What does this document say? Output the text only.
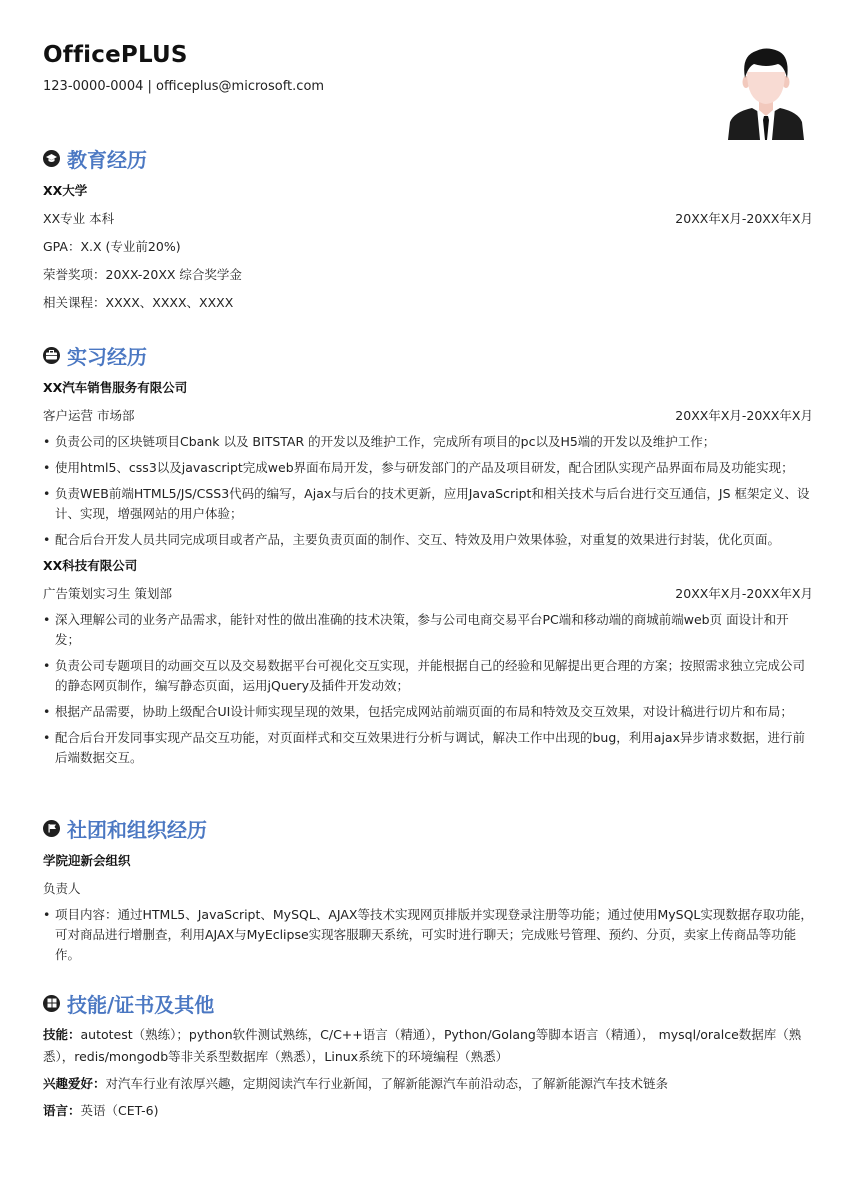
OfficePLUS
123-0000-0004 | officeplus@microsoft.com
教育经历
XX大学
XX专业 本科	20XX年X月-20XX年X月
GPA：X.X (专业前20%)
荣誉奖项：20XX-20XX 综合奖学金
相关课程：XXXX、XXXX、XXXX
实习经历
XX汽车销售服务有限公司
客户运营 市场部	20XX年X月-20XX年X月
• 负责公司的区块链项目Cbank 以及 BITSTAR 的开发以及维护工作，完成所有项目的pc以及H5端的开发以及维护工作；
• 使用html5、css3以及javascript完成web界面布局开发，参与研发部门的产品及项目研发，配合团队实现产品界面布局及功能实现；
• 负责WEB前端HTML5/JS/CSS3代码的编写，Ajax与后台的技术更新，应用JavaScript和相关技术与后台进行交互通信，JS 框架定义、设计、实现，增强网站的用户体验；
• 配合后台开发人员共同完成项目或者产品，主要负责页面的制作、交互、特效及用户效果体验，对重复的效果进行封装，优化页面。
XX科技有限公司
广告策划实习生 策划部	20XX年X月-20XX年X月
• 深入理解公司的业务产品需求，能针对性的做出准确的技术决策，参与公司电商交易平台PC端和移动端的商城前端web页 面设计和开发；
• 负责公司专题项目的动画交互以及交易数据平台可视化交互实现，并能根据自己的经验和见解提出更合理的方案；按照需求独立完成公司的静态网页制作，编写静态页面，运用jQuery及插件开发动效；
• 根据产品需要，协助上级配合UI设计师实现呈现的效果，包括完成网站前端页面的布局和特效及交互效果，对设计稿进行切片和布局；
• 配合后台开发同事实现产品交互功能，对页面样式和交互效果进行分析与调试，解决工作中出现的bug，利用ajax异步请求数据，进行前后端数据交互。
社团和组织经历
学院迎新会组织
负责人
• 项目内容：通过HTML5、JavaScript、MySQL、AJAX等技术实现网页排版并实现登录注册等功能；通过使用MySQL实现数据存取功能，可对商品进行增删查，利用AJAX与MyEclipse实现客服聊天系统，可实时进行聊天；完成账号管理、预约、分页，卖家上传商品等功能作。
技能/证书及其他
技能：autotest（熟练）；python软件测试熟练，C/C++语言（精通），Python/Golang等脚本语言（精通）， mysql/oralce数据库（熟悉），redis/mongodb等非关系型数据库（熟悉），Linux系统下的环境编程（熟悉）
兴趣爱好：对汽车行业有浓厚兴趣，定期阅读汽车行业新闻，了解新能源汽车前沿动态，了解新能源汽车技术链条
语言：英语（CET-6)
